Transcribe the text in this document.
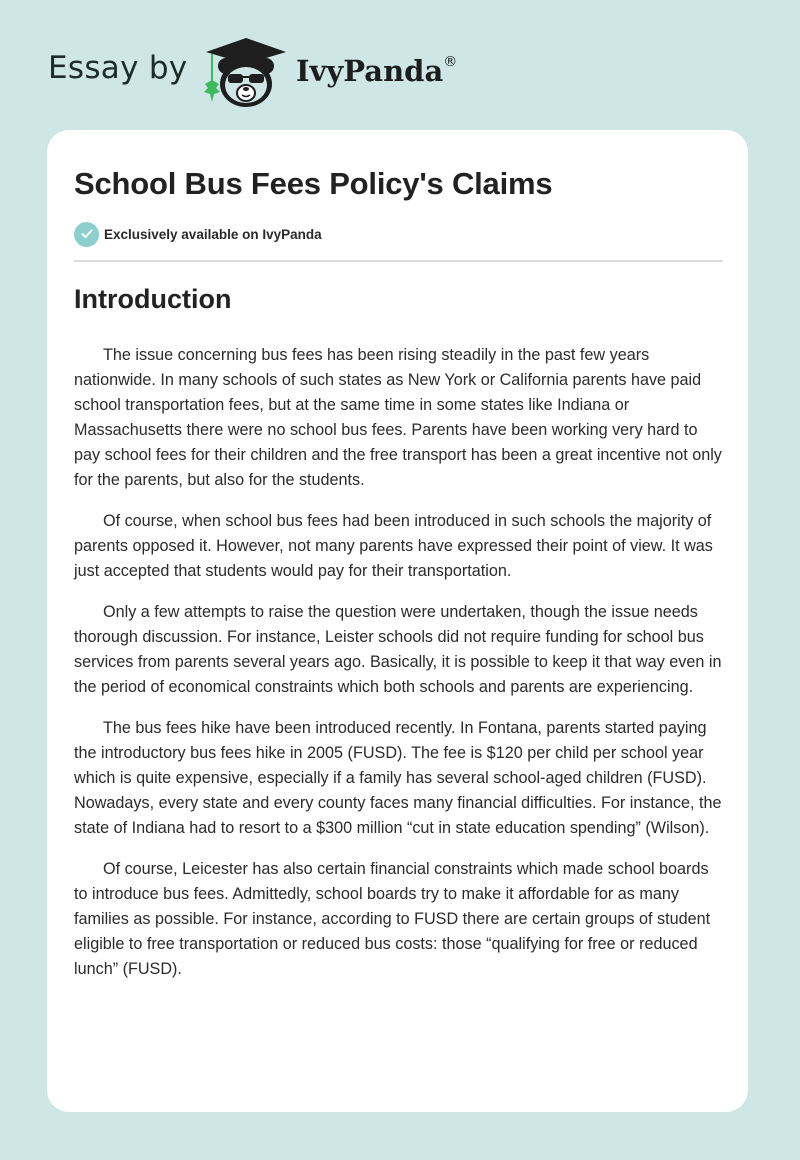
Essay by	IvyPanda®
School Bus Fees Policy's Claims
Exclusively available on IvyPanda
Introduction

The issue concerning bus fees has been rising steadily in the past few years nationwide. In many schools of such states as New York or California parents have paid school transportation fees, but at the same time in some states like Indiana or Massachusetts there were no school bus fees. Parents have been working very hard to pay school fees for their children and the free transport has been a great incentive not only for the parents, but also for the students.

Of course, when school bus fees had been introduced in such schools the majority of parents opposed it. However, not many parents have expressed their point of view. It was just accepted that students would pay for their transportation.

Only a few attempts to raise the question were undertaken, though the issue needs thorough discussion. For instance, Leister schools did not require funding for school bus services from parents several years ago. Basically, it is possible to keep it that way even in the period of economical constraints which both schools and parents are experiencing.

The bus fees hike have been introduced recently. In Fontana, parents started paying the introductory bus fees hike in 2005 (FUSD). The fee is $120 per child per school year which is quite expensive, especially if a family has several school-aged children (FUSD). Nowadays, every state and every county faces many financial difficulties. For instance, the state of Indiana had to resort to a $300 million “cut in state education spending” (Wilson).

Of course, Leicester has also certain financial constraints which made school boards to introduce bus fees. Admittedly, school boards try to make it affordable for as many families as possible. For instance, according to FUSD there are certain groups of student eligible to free transportation or reduced bus costs: those “qualifying for free or reduced lunch” (FUSD).
